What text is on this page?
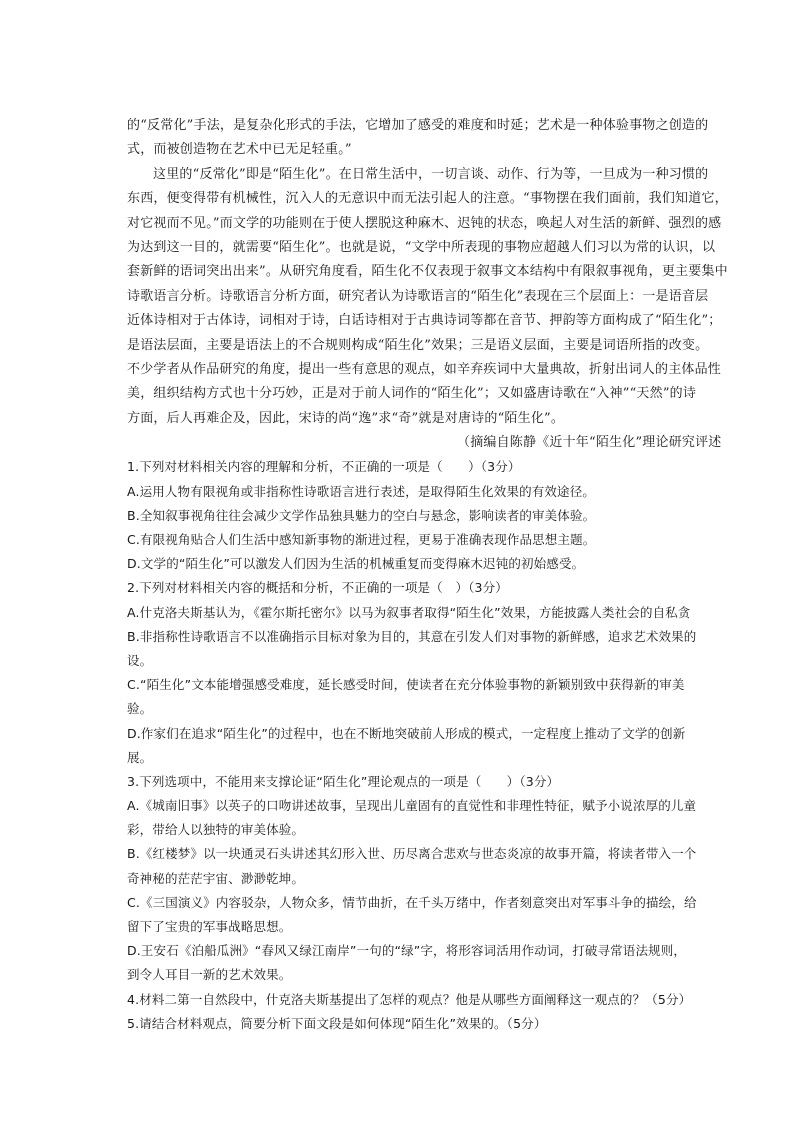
的“反常化”手法，是复杂化形式的手法，它增加了感受的难度和时延；艺术是一种体验事物之创造的
式，而被创造物在艺术中已无足轻重。”
这里的“反常化”即是“陌生化”。在日常生活中，一切言谈、动作、行为等，一旦成为一种习惯的
东西，便变得带有机械性，沉入人的无意识中而无法引起人的注意。“事物摆在我们面前，我们知道它，
对它视而不见。”而文学的功能则在于使人摆脱这种麻木、迟钝的状态，唤起人对生活的新鲜、强烈的感
为达到这一目的，就需要“陌生化”。也就是说，“文学中所表现的事物应超越人们习以为常的认识，以
套新鲜的语词突出出来”。从研究角度看，陌生化不仅表现于叙事文本结构中有限叙事视角，更主要集中
诗歌语言分析。诗歌语言分析方面，研究者认为诗歌语言的“陌生化”表现在三个层面上：一是语音层
近体诗相对于古体诗，词相对于诗，白话诗相对于古典诗词等都在音节、押韵等方面构成了“陌生化”；
是语法层面，主要是语法上的不合规则构成“陌生化”效果；三是语义层面，主要是词语所指的改变。
不少学者从作品研究的角度，提出一些有意思的观点，如辛弃疾词中大量典故，折射出词人的主体品性
美，组织结构方式也十分巧妙，正是对于前人词作的“陌生化”；又如盛唐诗歌在“入神”“天然”的诗
方面，后人再难企及，因此，宋诗的尚“逸”求“奇”就是对唐诗的“陌生化”。
（摘编自陈静《近十年“陌生化”理论研究评述
1.下列对材料相关内容的理解和分析，不正确的一项是（　　）（3分）
A.运用人物有限视角或非指称性诗歌语言进行表述，是取得陌生化效果的有效途径。
B.全知叙事视角往往会减少文学作品独具魅力的空白与悬念，影响读者的审美体验。
C.有限视角贴合人们生活中感知新事物的渐进过程，更易于准确表现作品思想主题。
D.文学的“陌生化”可以激发人们因为生活的机械重复而变得麻木迟钝的初始感受。
2.下列对材料相关内容的概括和分析，不正确的一项是（　）（3分）
A.什克洛夫斯基认为，《霍尔斯托密尔》以马为叙事者取得“陌生化”效果，方能披露人类社会的自私贪
B.非指称性诗歌语言不以准确指示目标对象为目的，其意在引发人们对事物的新鲜感，追求艺术效果的
设。
C.“陌生化”文本能增强感受难度，延长感受时间，使读者在充分体验事物的新颖别致中获得新的审美
验。
D.作家们在追求“陌生化”的过程中，也在不断地突破前人形成的模式，一定程度上推动了文学的创新
展。
3.下列选项中，不能用来支撑论证“陌生化”理论观点的一项是（　　）（3分）
A.《城南旧事》以英子的口吻讲述故事，呈现出儿童固有的直觉性和非理性特征，赋予小说浓厚的儿童
彩，带给人以独特的审美体验。
B.《红楼梦》以一块通灵石头讲述其幻形入世、历尽离合悲欢与世态炎凉的故事开篇，将读者带入一个
奇神秘的茫茫宇宙、渺渺乾坤。
C.《三国演义》内容驳杂，人物众多，情节曲折，在千头万绪中，作者刻意突出对军事斗争的描绘，给
留下了宝贵的军事战略思想。
D.王安石《泊船瓜洲》“春风又绿江南岸”一句的“绿”字，将形容词活用作动词，打破寻常语法规则，
到令人耳目一新的艺术效果。
4.材料二第一自然段中，什克洛夫斯基提出了怎样的观点？他是从哪些方面阐释这一观点的？（5分）
5.请结合材料观点，简要分析下面文段是如何体现“陌生化”效果的。（5分）
